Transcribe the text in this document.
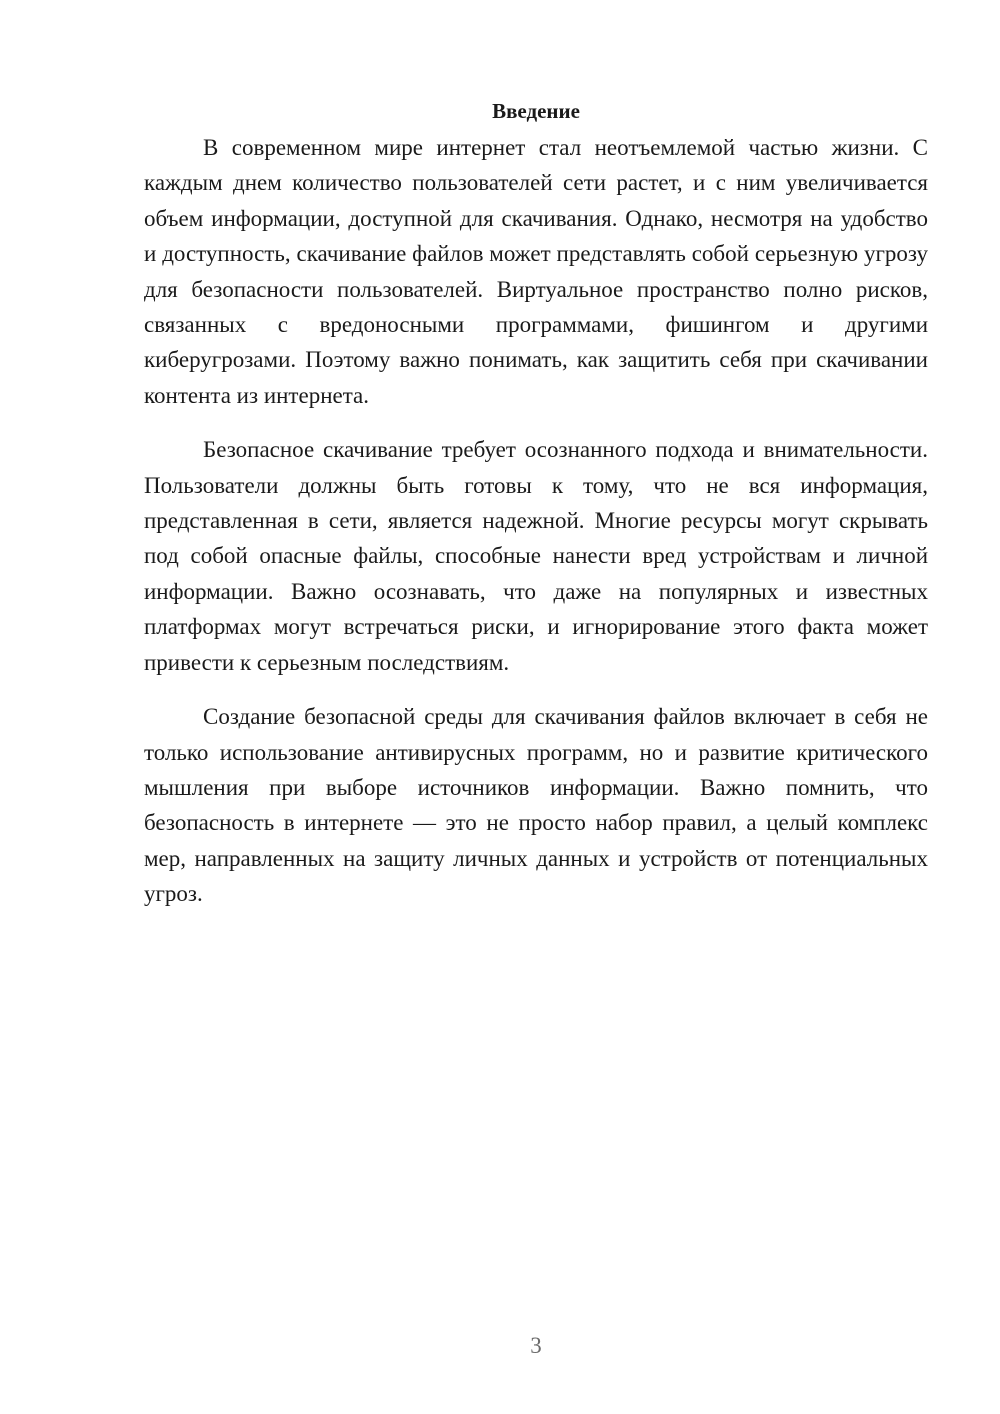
Введение

В современном мире интернет стал неотъемлемой частью жизни. С каждым днем количество пользователей сети растет, и с ним увеличивается объем информации, доступной для скачивания. Однако, несмотря на удобство и доступность, скачивание файлов может представлять собой серьезную угрозу для безопасности пользователей. Виртуальное пространство полно рисков, связанных с вредоносными программами, фишингом и другими киберугрозами. Поэтому важно понимать, как защитить себя при скачивании контента из интернета.

Безопасное скачивание требует осознанного подхода и внимательности. Пользователи должны быть готовы к тому, что не вся информация, представленная в сети, является надежной. Многие ресурсы могут скрывать под собой опасные файлы, способные нанести вред устройствам и личной информации. Важно осознавать, что даже на популярных и известных платформах могут встречаться риски, и игнорирование этого факта может привести к серьезным последствиям.

Создание безопасной среды для скачивания файлов включает в себя не только использование антивирусных программ, но и развитие критического мышления при выборе источников информации. Важно помнить, что безопасность в интернете — это не просто набор правил, а целый комплекс мер, направленных на защиту личных данных и устройств от потенциальных угроз.

3
